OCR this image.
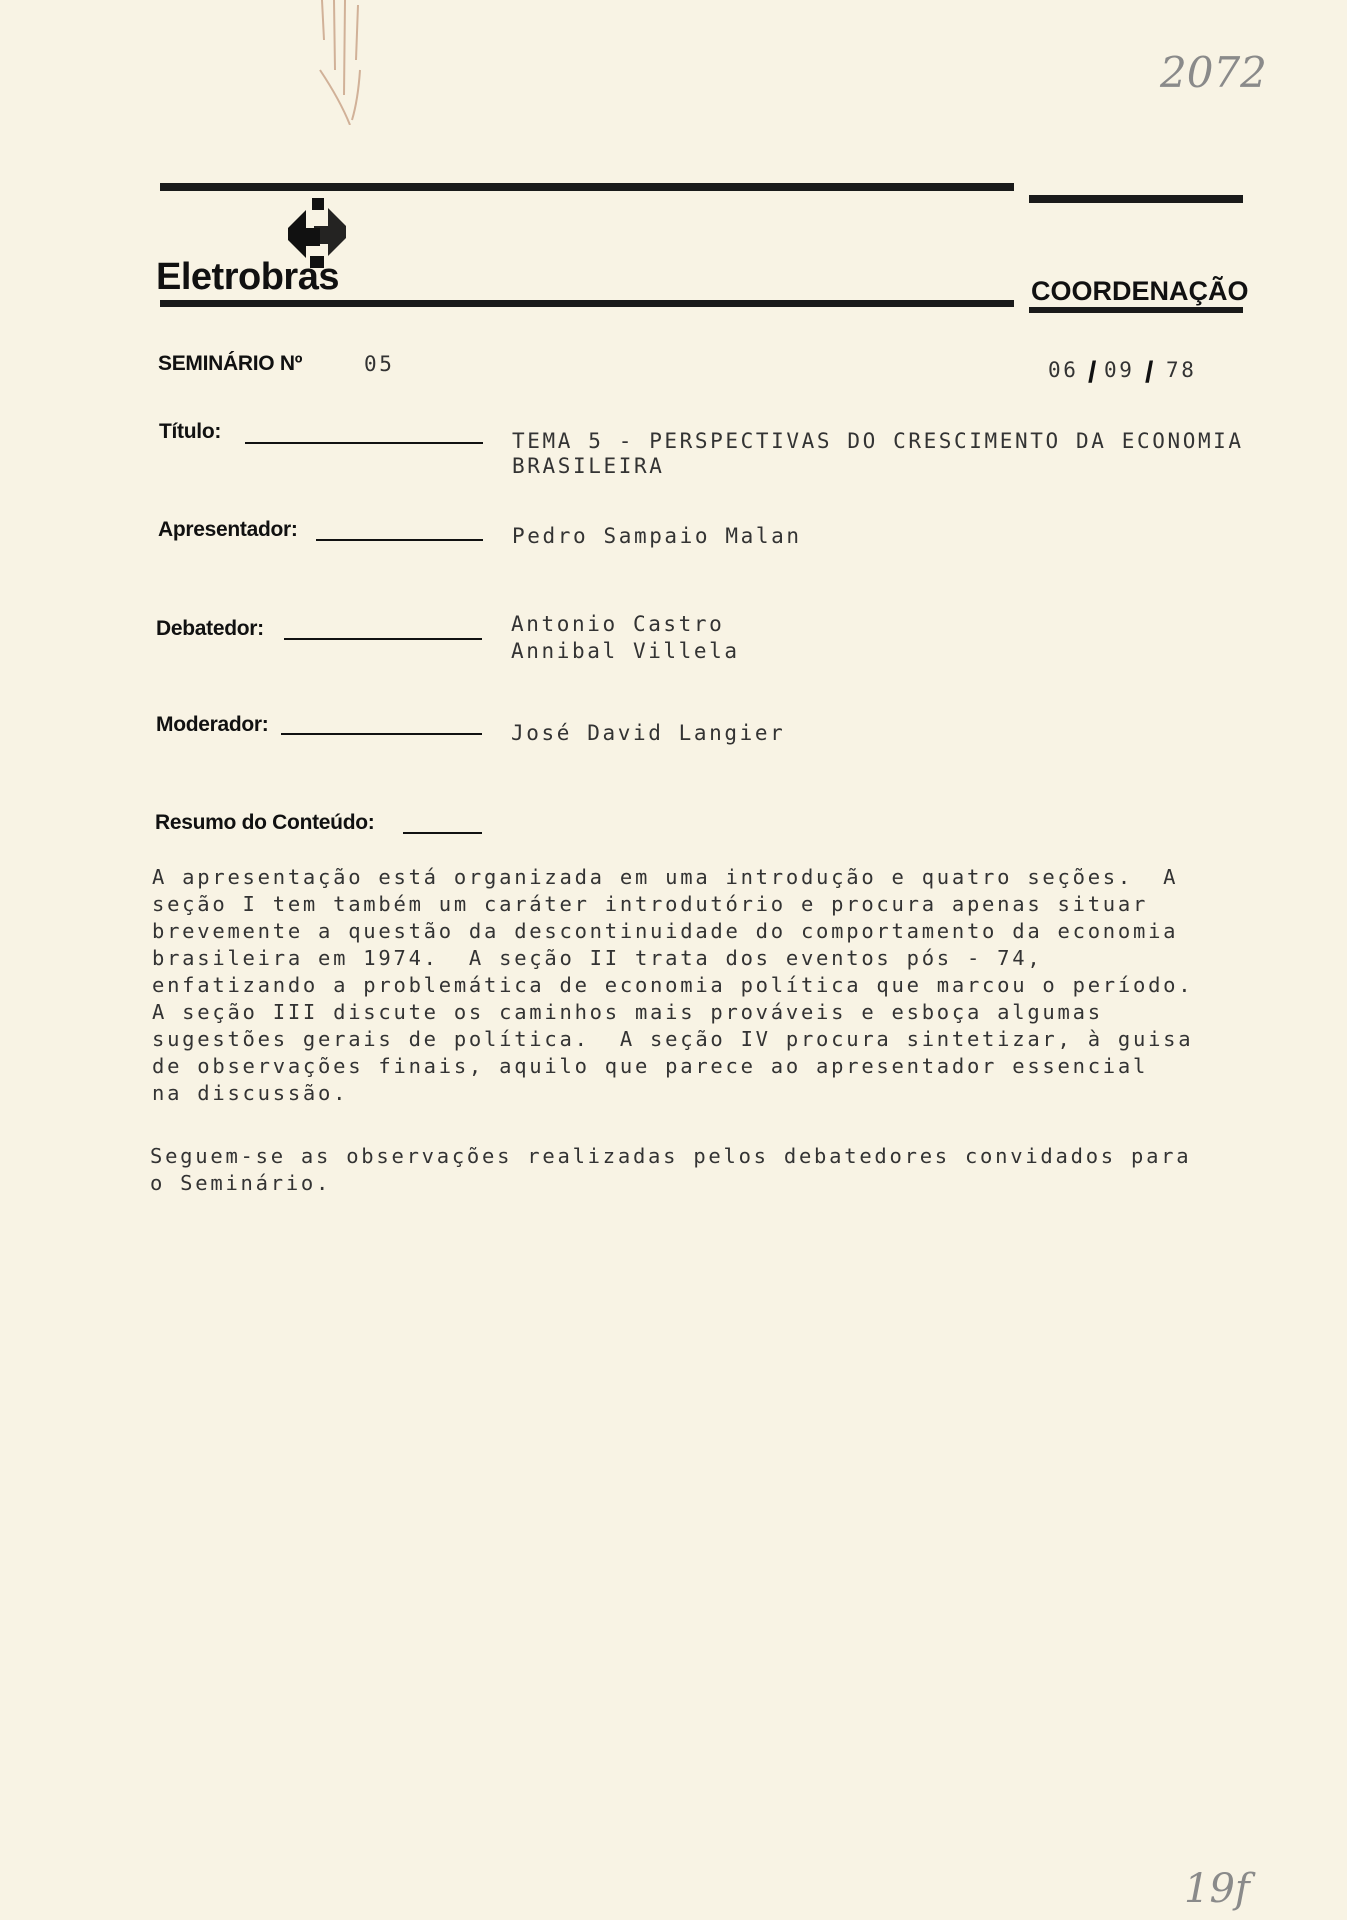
2072
Eletrobras	COORDENAÇÃO
SEMINÁRIO Nº	05	06 / 09 / 78
Título:	TEMA 5 - PERSPECTIVAS DO CRESCIMENTO DA ECONOMIA
BRASILEIRA
Apresentador:	Pedro Sampaio Malan
Debatedor:	Antonio Castro
Annibal Villela
Moderador:	José David Langier
Resumo do Conteúdo:
A apresentação está organizada em uma introdução e quatro seções.  A
seção I tem também um caráter introdutório e procura apenas situar
brevemente a questão da descontinuidade do comportamento da economia
brasileira em 1974.  A seção II trata dos eventos pós - 74,
enfatizando a problemática de economia política que marcou o período.
A seção III discute os caminhos mais prováveis e esboça algumas
sugestões gerais de política.  A seção IV procura sintetizar, à guisa
de observações finais, aquilo que parece ao apresentador essencial
na discussão.
Seguem-se as observações realizadas pelos debatedores convidados para
o Seminário.
19f
